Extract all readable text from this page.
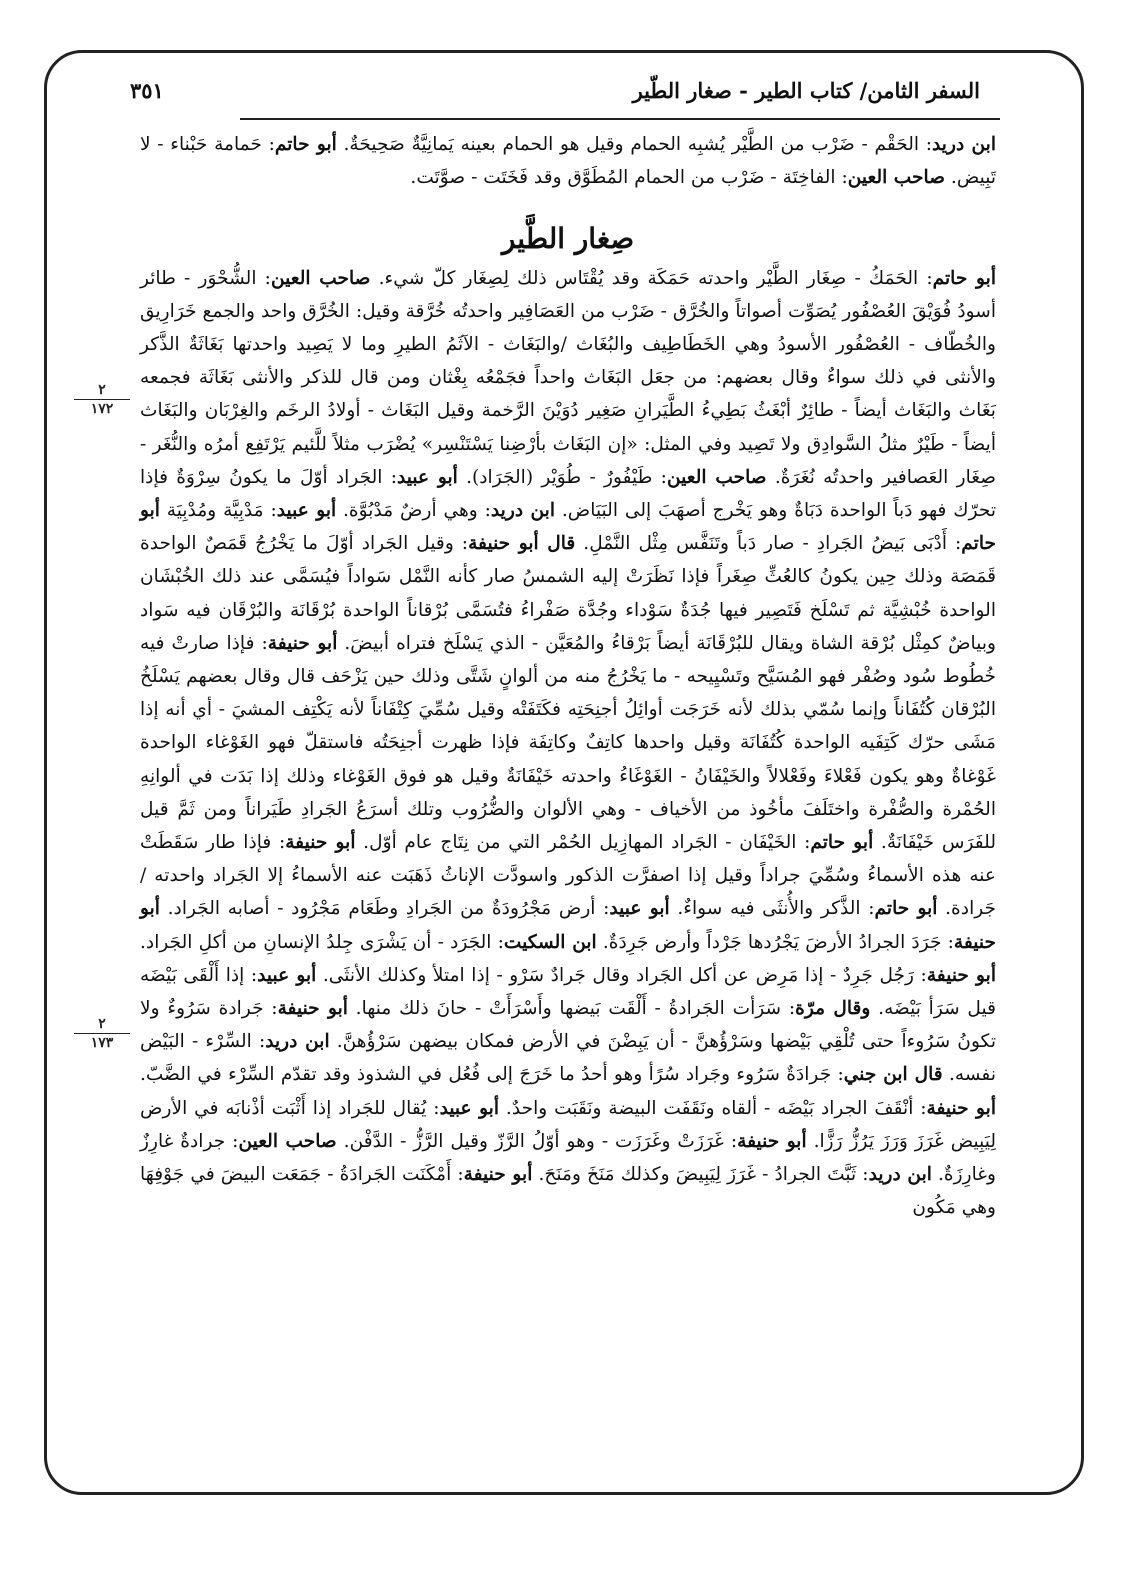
٣٥١	السفر الثامن/ كتاب الطير - صغار الطّير

ابن دريد: الحَقْم - ضَرْب من الطَّيْر يُشبِه الحمام وقيل هو الحمام بعينه يَمانِيَّةٌ صَحِيحَةٌ. أبو حاتم: حَمامة حَبْناء - لا تَبِيض. صاحب العين: الفاخِتَة - ضَرْب من الحمام المُطَوَّق وقد فَخَتَت - صوَّتَت.

صِغار الطَّير

أبو حاتم: الحَمَكُ - صِغَار الطَّيْر واحدته حَمَكَة وقد يُقْتَاس ذلك لِصِغَار كلّ شيء. صاحب العين: الشُّحْوَر - طائر أسودُ فُوَيْقَ العُصْفُور يُصَوِّت أصواتاً والخُرَّق - ضَرْب من العَصَافِير واحدتُه خُرَّقة وقيل: الخُرَّق واحد والجمع خَرَارِيق والخُطّاف - العُصْفُور الأسودُ وهي الخَطَاطِيف والبُغَاث /والبَغَاث - الآثَمُ الطيرِ وما لا يَصِيد واحدتها بَغَاثَةٌ الذَّكر والأنثى في ذلك سواءٌ وقال بعضهم: من جعَل البَغَاث واحداً فجَمْعُه بِغْثان ومن قال للذكر والأنثى بَغَاثَة فجمعه بَغَاث والبَغَاث أيضاً - طائِرٌ أبْغَثُ بَطِيءُ الطَّيَرانِ صَغِير دُوَيْنَ الرَّخمة وقيل البَغَاث - أولادُ الرخَم والغِرْبَان والبَغَاث أيضاً - طَيْرٌ مثلُ السَّوادِق ولا تَصِيد وفي المثل: «إن البَغَاث بأرْضِنا يَسْتَنْسِر» يُضْرَب مثلاً للَّئيم يَرْتَفِع أمرُه والنُّغَر - صِغَار العَصافير واحدتُه نُغَرَةٌ. صاحب العين: طَيْفُورٌ - طُوَيْر (الجَرَاد). أبو عبيد: الجَراد أوّلَ ما يكونُ سِرْوَةٌ فإذا تحرّك فهو دَباً الواحدة دَبَاةٌ وهو يَخْرج أصهَبَ إلى البَيَاض. ابن دريد: وهي أرضٌ مَدْبُوَّة. أبو عبيد: مَدْبِيَّة ومُدْبِيَة أبو حاتم: أَدْبَى بَيضُ الجَرادِ - صار دَباً وتَنَفَّس مِثْل النَّمْلِ. قال أبو حنيفة: وقيل الجَراد أوّلَ ما يَخْرُجُ قَمَصٌ الواحدة قَمَصَة وذلك حِين يكونُ كالعُثِّ صِغَراً فإذا نَظَرَتْ إليه الشمسُ صار كأنه النَّمْل سَواداً فيُسَمَّى عند ذلك الخُبْشَان الواحدة خُبْشِيَّة ثم تَسْلَخ فَتَصِير فيها جُدَةٌ سَوْداء وجُدَّة صَفْراءُ فتُسَمَّى بُرْقاناً الواحدة بُرْقَانَة والبُرْقَان فيه سَواد وبياضٌ كمِثْل بُرْقة الشاة ويقال للبُرْقَانَة أيضاً بَرْقاءُ والمُعَيَّن - الذي يَسْلَخ فتراه أبيضَ. أبو حنيفة: فإذا صارتْ فيه خُطُوط سُود وصُفْر فهو المُسَيَّح وتَسْيِيحه - ما يَخْرُجُ منه من ألوانٍ شَتَّى وذلك حين يَزْحَف قال وقال بعضهم يَسْلَخُ البُرْقان كُتُفَاناً وإنما سُمّي بذلك لأنه خَرَجَت أوائِلُ أجنِحَتِه فكَتَفَتْه وقيل سُمِّيَ كِتْفَاناً لأنه يَكْتِف المشيَ - أي أنه إذا مَشَى حرّك كَتِفَيه الواحدة كُتُفَانَة وقيل واحدها كاتِفٌ وكاتِفَة فإذا ظهرت أجنِحَتُه فاستقلّ فهو الغَوْغاء الواحدة غَوْغاةٌ وهو يكون فَعْلاءَ وفَعْلالاً والخَيْفَانُ - الغَوْغَاءُ واحدته خَيْفَانَةٌ وقيل هو فوق الغَوْغاء وذلك إذا بَدَت في ألوانِهِ الحُمْرة والصُّفْرة واختَلَفَ مأخُوذ من الأخياف - وهي الألوان والضُّرُوب وتلك أسرَعُ الجَرادِ طَيَراناً ومن ثَمَّ قيل للفَرَس خَيْفَانَةٌ. أبو حاتم: الخَيْفَان - الجَراد المهازِيل الحُمْر التي من نِتَاج عام أوّل. أبو حنيفة: فإذا طار سَقَطَتْ عنه هذه الأسماءُ وسُمِّيَ جراداً وقيل إذا اصفرَّت الذكور واسودَّت الإناثُ ذَهَبَت عنه الأسماءُ إلا الجَراد واحدته / جَرادة. أبو حاتم: الذَّكر والأُنثَى فيه سواءٌ. أبو عبيد: أرض مَجْرُودَةٌ من الجَرادِ وطَعَام مَجْرُود - أصابه الجَراد. أبو حنيفة: جَرَدَ الجرادُ الأرضَ يَجْرُدها جَرْداً وأرض جَرِدَةٌ. ابن السكيت: الجَرَد - أن يَشْرَى جِلدُ الإنسانِ من أكلِ الجَراد. أبو حنيفة: رَجُل جَرِدٌ - إذا مَرِض عن أكل الجَراد وقال جَرادٌ سَرْو - إذا امتلأ وكذلك الأنثَى. أبو عبيد: إذا أَلْقَى بَيْضَه قيل سَرَأ بَيْضَه. وقال مرّة: سَرَأت الجَرادةُ - أَلْقَت بَيضها وأَسْرَأَتْ - حانَ ذلك منها. أبو حنيفة: جَرادة سَرُوءٌ ولا تكونُ سَرُوءاً حتى تُلْقِي بَيْضها وسَرْؤُهنَّ - أن يَبِضْنَ في الأرض فمكان بيضهن سَرْؤُهنَّ. ابن دريد: السِّرْء - البَيْض نفسه. قال ابن جني: جَرادَةٌ سَرُوء وجَراد سُرًأ وهو أحدُ ما خَرَجَ إلى فُعُل في الشذوذ وقد تقدّم السِّرْء في الضَّبّ. أبو حنيفة: أنْقَفَ الجراد بَيْضَه - ألقاه ونَقَفَت البيضة ونَقَبَت واحدٌ. أبو عبيد: يُقال للجَراد إذا أَثْبَت أذْنابَه في الأرض لِيَبِيض غَرَزَ وَرَزَ يَرُزُّ رَزًّا. أبو حنيفة: غَرَزَتْ وغَرَزَت - وهو أوّلُ الرَّزّ وقيل الرَّزُّ - الدَّفْن. صاحب العين: جرادةٌ غارِزٌ وغارِزَةٌ. ابن دريد: ثَبَّتَ الجرادُ - غَرَزَ لِيَبِيضَ وكذلك مَنَخَ ومَنَحَ. أبو حنيفة: أَمْكَنَت الجَرادَةُ - جَمَعَت البيضَ في جَوْفِهَا وهي مَكُون

٢
١٧٢
٢
١٧٣
